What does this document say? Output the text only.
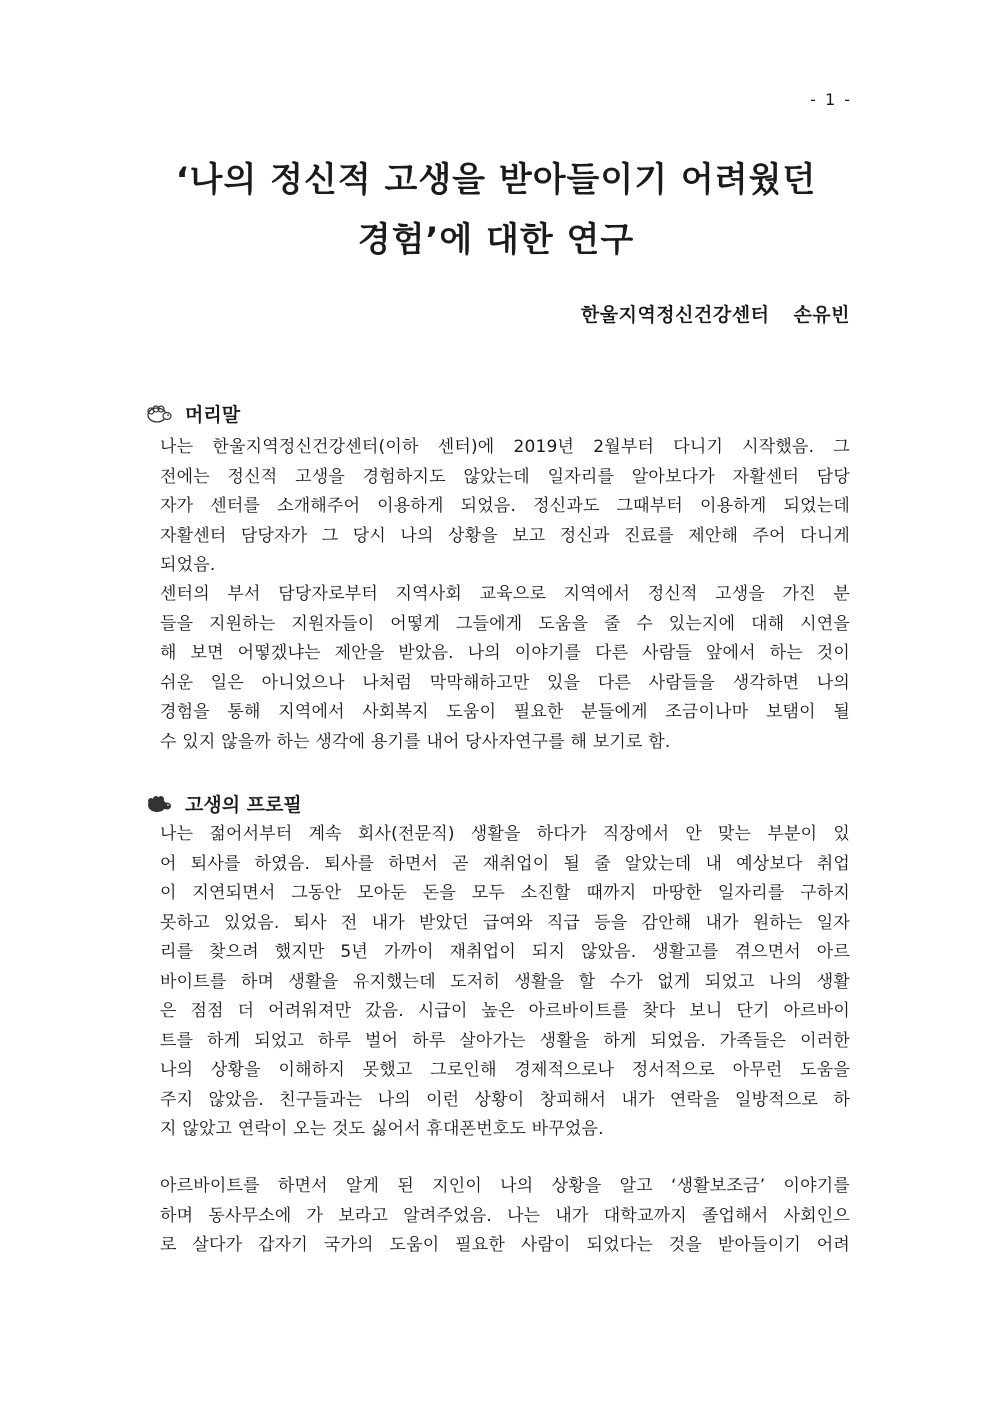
- 1 -
‘나의 정신적 고생을 받아들이기 어려웠던
경험’에 대한 연구
한울지역정신건강센터 손유빈
머리말
나는 한울지역정신건강센터(이하 센터)에 2019년 2월부터 다니기 시작했음. 그
전에는 정신적 고생을 경험하지도 않았는데 일자리를 알아보다가 자활센터 담당
자가 센터를 소개해주어 이용하게 되었음. 정신과도 그때부터 이용하게 되었는데
자활센터 담당자가 그 당시 나의 상황을 보고 정신과 진료를 제안해 주어 다니게
되었음.
센터의 부서 담당자로부터 지역사회 교육으로 지역에서 정신적 고생을 가진 분
들을 지원하는 지원자들이 어떻게 그들에게 도움을 줄 수 있는지에 대해 시연을
해 보면 어떻겠냐는 제안을 받았음. 나의 이야기를 다른 사람들 앞에서 하는 것이
쉬운 일은 아니었으나 나처럼 막막해하고만 있을 다른 사람들을 생각하면 나의
경험을 통해 지역에서 사회복지 도움이 필요한 분들에게 조금이나마 보탬이 될
수 있지 않을까 하는 생각에 용기를 내어 당사자연구를 해 보기로 함.
고생의 프로필
나는 젊어서부터 계속 회사(전문직) 생활을 하다가 직장에서 안 맞는 부분이 있
어 퇴사를 하였음. 퇴사를 하면서 곧 재취업이 될 줄 알았는데 내 예상보다 취업
이 지연되면서 그동안 모아둔 돈을 모두 소진할 때까지 마땅한 일자리를 구하지
못하고 있었음. 퇴사 전 내가 받았던 급여와 직급 등을 감안해 내가 원하는 일자
리를 찾으려 했지만 5년 가까이 재취업이 되지 않았음. 생활고를 겪으면서 아르
바이트를 하며 생활을 유지했는데 도저히 생활을 할 수가 없게 되었고 나의 생활
은 점점 더 어려워져만 갔음. 시급이 높은 아르바이트를 찾다 보니 단기 아르바이
트를 하게 되었고 하루 벌어 하루 살아가는 생활을 하게 되었음. 가족들은 이러한
나의 상황을 이해하지 못했고 그로인해 경제적으로나 정서적으로 아무런 도움을
주지 않았음. 친구들과는 나의 이런 상황이 창피해서 내가 연락을 일방적으로 하
지 않았고 연락이 오는 것도 싫어서 휴대폰번호도 바꾸었음.
아르바이트를 하면서 알게 된 지인이 나의 상황을 알고 ‘생활보조금’ 이야기를
하며 동사무소에 가 보라고 알려주었음. 나는 내가 대학교까지 졸업해서 사회인으
로 살다가 갑자기 국가의 도움이 필요한 사람이 되었다는 것을 받아들이기 어려
